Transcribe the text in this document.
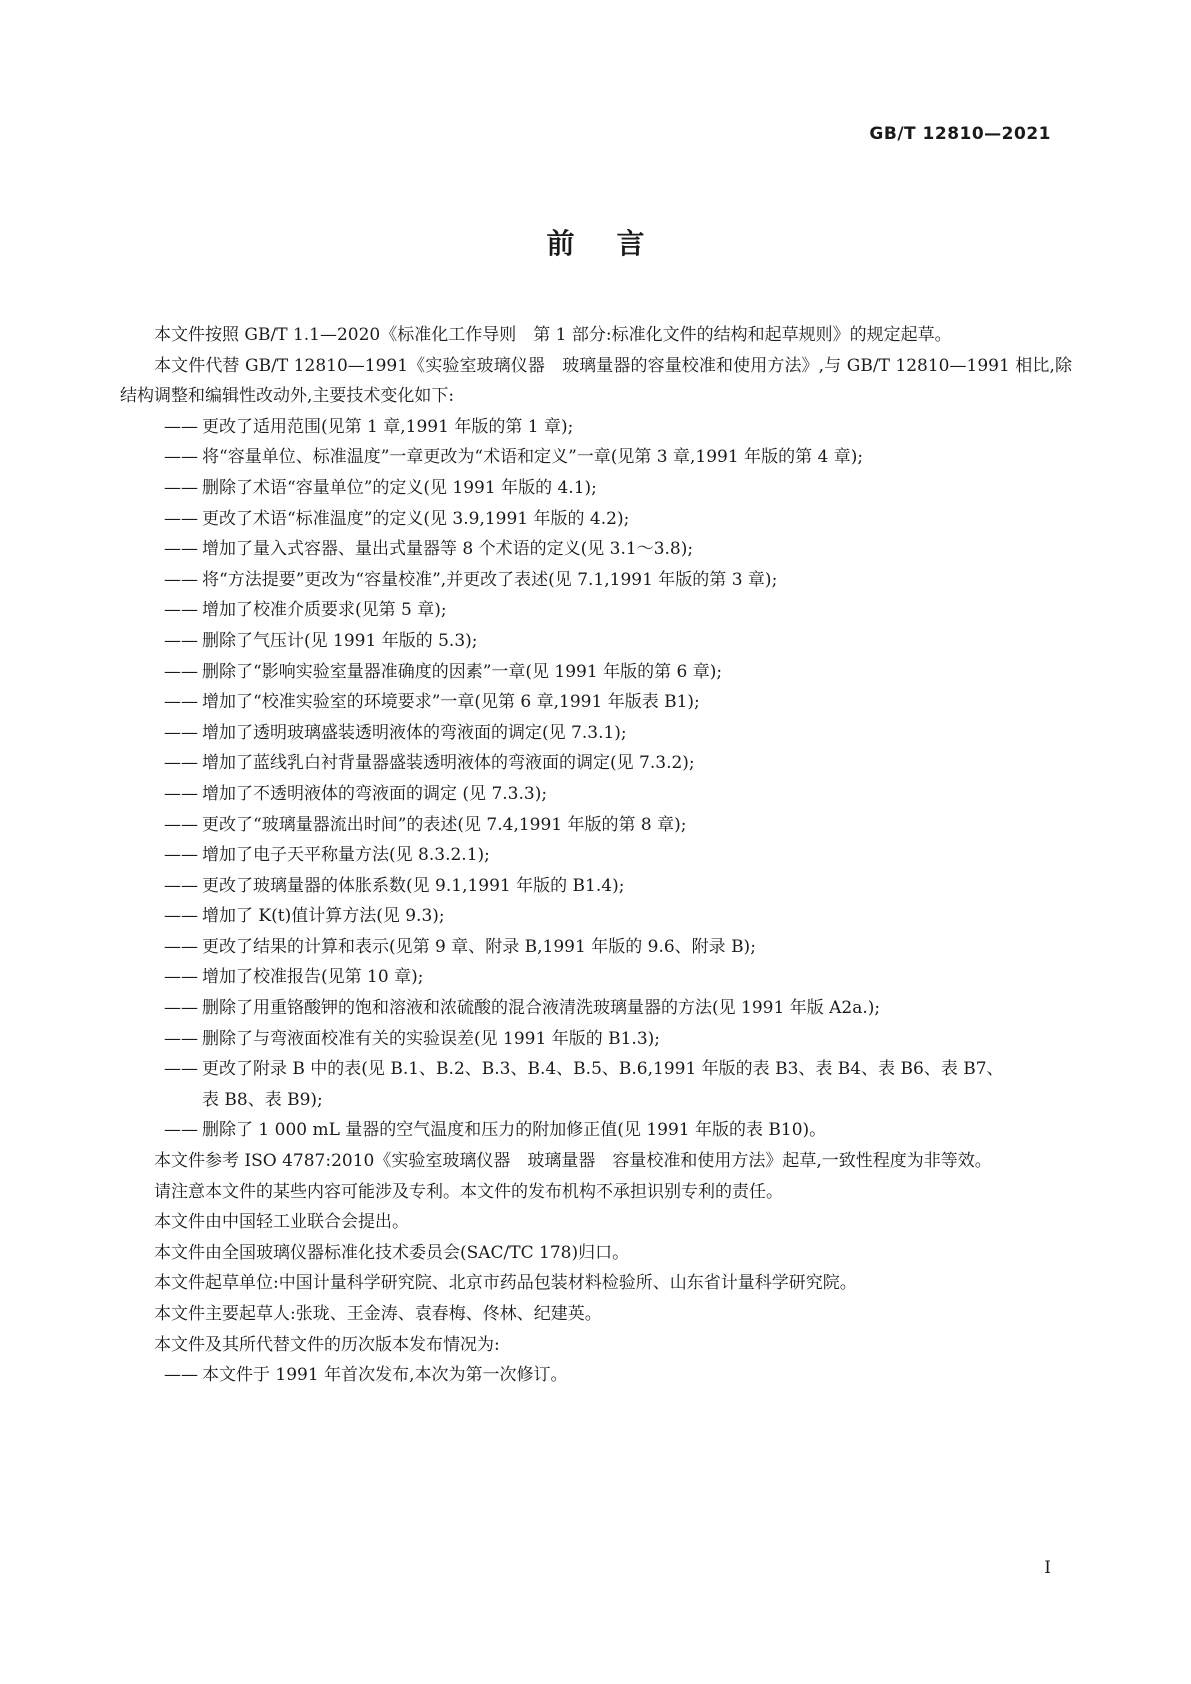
GB/T 12810—2021
前言

本文件按照 GB/T 1.1—2020《标准化工作导则　第 1 部分:标准化文件的结构和起草规则》的规定起草。

本文件代替 GB/T 12810—1991《实验室玻璃仪器　玻璃量器的容量校准和使用方法》,与 GB/T 12810—1991 相比,除结构调整和编辑性改动外,主要技术变化如下:

—— 更改了适用范围(见第 1 章,1991 年版的第 1 章);

—— 将“容量单位、标准温度”一章更改为“术语和定义”一章(见第 3 章,1991 年版的第 4 章);

—— 删除了术语“容量单位”的定义(见 1991 年版的 4.1);

—— 更改了术语“标准温度”的定义(见 3.9,1991 年版的 4.2);

—— 增加了量入式容器、量出式量器等 8 个术语的定义(见 3.1～3.8);

—— 将“方法提要”更改为“容量校准”,并更改了表述(见 7.1,1991 年版的第 3 章);

—— 增加了校准介质要求(见第 5 章);

—— 删除了气压计(见 1991 年版的 5.3);

—— 删除了“影响实验室量器准确度的因素”一章(见 1991 年版的第 6 章);

—— 增加了“校准实验室的环境要求”一章(见第 6 章,1991 年版表 B1);

—— 增加了透明玻璃盛装透明液体的弯液面的调定(见 7.3.1);

—— 增加了蓝线乳白衬背量器盛装透明液体的弯液面的调定(见 7.3.2);

—— 增加了不透明液体的弯液面的调定 (见 7.3.3);

—— 更改了“玻璃量器流出时间”的表述(见 7.4,1991 年版的第 8 章);

—— 增加了电子天平称量方法(见 8.3.2.1);

—— 更改了玻璃量器的体胀系数(见 9.1,1991 年版的 B1.4);

—— 增加了 K(t)值计算方法(见 9.3);

—— 更改了结果的计算和表示(见第 9 章、附录 B,1991 年版的 9.6、附录 B);

—— 增加了校准报告(见第 10 章);

—— 删除了用重铬酸钾的饱和溶液和浓硫酸的混合液清洗玻璃量器的方法(见 1991 年版 A2a.);

—— 删除了与弯液面校准有关的实验误差(见 1991 年版的 B1.3);

—— 更改了附录 B 中的表(见 B.1、B.2、B.3、B.4、B.5、B.6,1991 年版的表 B3、表 B4、表 B6、表 B7、

表 B8、表 B9);

—— 删除了 1 000 mL 量器的空气温度和压力的附加修正值(见 1991 年版的表 B10)。

本文件参考 ISO 4787:2010《实验室玻璃仪器　玻璃量器　容量校准和使用方法》起草,一致性程度为非等效。

请注意本文件的某些内容可能涉及专利。本文件的发布机构不承担识别专利的责任。

本文件由中国轻工业联合会提出。

本文件由全国玻璃仪器标准化技术委员会(SAC/TC 178)归口。

本文件起草单位:中国计量科学研究院、北京市药品包装材料检验所、山东省计量科学研究院。

本文件主要起草人:张珑、王金涛、袁春梅、佟林、纪建英。

本文件及其所代替文件的历次版本发布情况为:

—— 本文件于 1991 年首次发布,本次为第一次修订。

I
